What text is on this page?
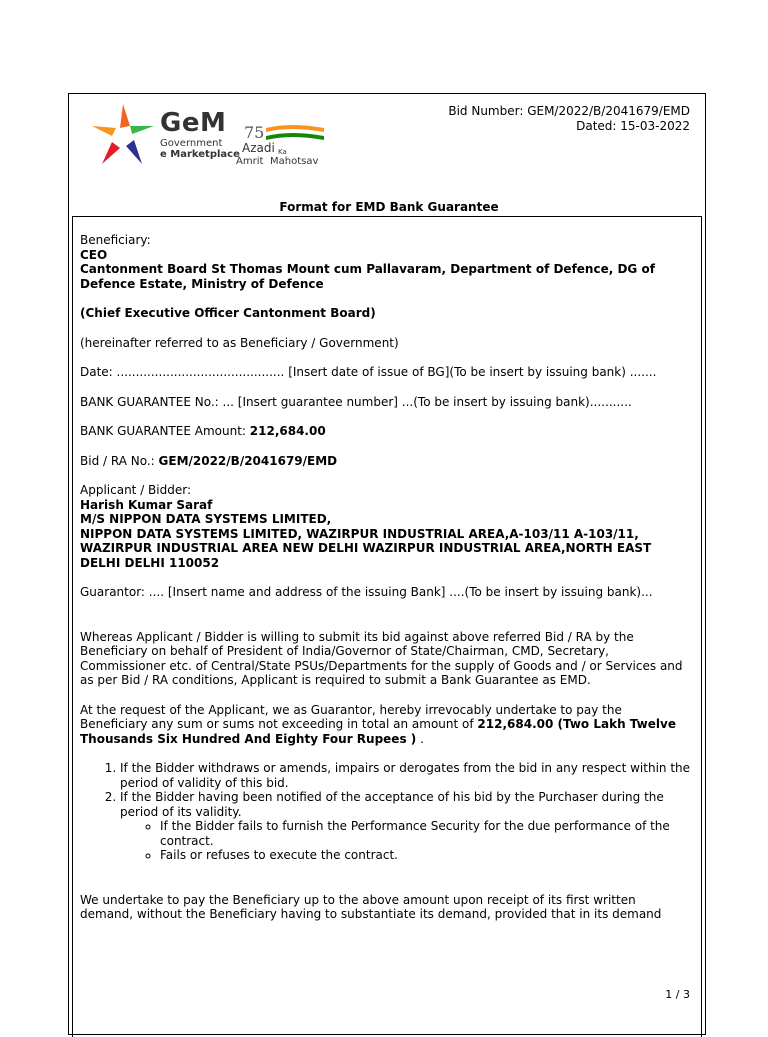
GeM
Government
e Marketplace
75
Azadi Ka
Amrit Mahotsav
Bid Number: GEM/2022/B/2041679/EMD
Dated: 15-03-2022
Format for EMD Bank Guarantee

Beneficiary:
CEO
Cantonment Board St Thomas Mount cum Pallavaram, Department of Defence, DG of Defence Estate, Ministry of Defence

(Chief Executive Officer Cantonment Board)

(hereinafter referred to as Beneficiary / Government)

Date: ............................................ [Insert date of issue of BG](To be insert by issuing bank) .......

BANK GUARANTEE No.: ... [Insert guarantee number] ...(To be insert by issuing bank)...........

BANK GUARANTEE Amount: 212,684.00

Bid / RA No.: GEM/2022/B/2041679/EMD

Applicant / Bidder:
Harish Kumar Saraf
M/S NIPPON DATA SYSTEMS LIMITED,
NIPPON DATA SYSTEMS LIMITED, WAZIRPUR INDUSTRIAL AREA,A-103/11 A-103/11, WAZIRPUR INDUSTRIAL AREA NEW DELHI WAZIRPUR INDUSTRIAL AREA,NORTH EAST DELHI DELHI 110052

Guarantor: .... [Insert name and address of the issuing Bank] ....(To be insert by issuing bank)...

Whereas Applicant / Bidder is willing to submit its bid against above referred Bid / RA by the Beneficiary on behalf of President of India/Governor of State/Chairman, CMD, Secretary, Commissioner etc. of Central/State PSUs/Departments for the supply of Goods and / or Services and as per Bid / RA conditions, Applicant is required to submit a Bank Guarantee as EMD.

At the request of the Applicant, we as Guarantor, hereby irrevocably undertake to pay the Beneficiary any sum or sums not exceeding in total an amount of 212,684.00 (Two Lakh Twelve Thousands Six Hundred And Eighty Four Rupees ) .

1. If the Bidder withdraws or amends, impairs or derogates from the bid in any respect within the period of validity of this bid.
2. If the Bidder having been notified of the acceptance of his bid by the Purchaser during the period of its validity.
◦ If the Bidder fails to furnish the Performance Security for the due performance of the contract.
◦ Fails or refuses to execute the contract.

We undertake to pay the Beneficiary up to the above amount upon receipt of its first written demand, without the Beneficiary having to substantiate its demand, provided that in its demand

1 / 3
